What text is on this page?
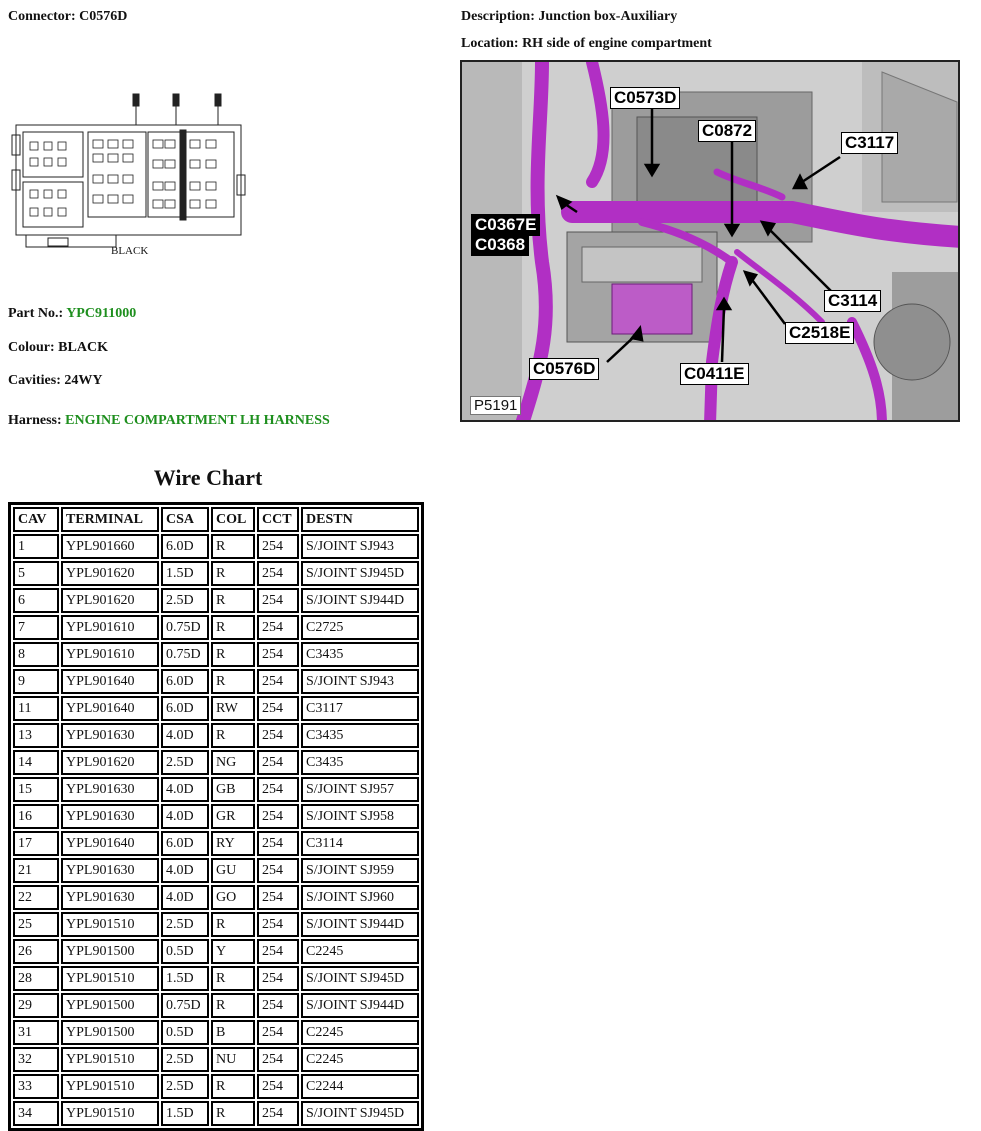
Connector: C0576D	Description: Junction box-Auxiliary
Location: RH side of engine compartment
BLACK
Part No.: YPC911000
Colour: BLACK
Cavities: 24WY
Harness: ENGINE COMPARTMENT LH HARNESS
C0573D
C0872
C3117
C0367E
C0368
C3114
C2518E
C0576D	C0411E
P5191
Wire Chart
CAV	TERMINAL	CSA	COL	CCT	DESTN
1	YPL901660	6.0D	R	254	S/JOINT SJ943
5	YPL901620	1.5D	R	254	S/JOINT SJ945D
6	YPL901620	2.5D	R	254	S/JOINT SJ944D
7	YPL901610	0.75D	R	254	C2725
8	YPL901610	0.75D	R	254	C3435
9	YPL901640	6.0D	R	254	S/JOINT SJ943
11	YPL901640	6.0D	RW	254	C3117
13	YPL901630	4.0D	R	254	C3435
14	YPL901620	2.5D	NG	254	C3435
15	YPL901630	4.0D	GB	254	S/JOINT SJ957
16	YPL901630	4.0D	GR	254	S/JOINT SJ958
17	YPL901640	6.0D	RY	254	C3114
21	YPL901630	4.0D	GU	254	S/JOINT SJ959
22	YPL901630	4.0D	GO	254	S/JOINT SJ960
25	YPL901510	2.5D	R	254	S/JOINT SJ944D
26	YPL901500	0.5D	Y	254	C2245
28	YPL901510	1.5D	R	254	S/JOINT SJ945D
29	YPL901500	0.75D	R	254	S/JOINT SJ944D
31	YPL901500	0.5D	B	254	C2245
32	YPL901510	2.5D	NU	254	C2245
33	YPL901510	2.5D	R	254	C2244
34	YPL901510	1.5D	R	254	S/JOINT SJ945D
